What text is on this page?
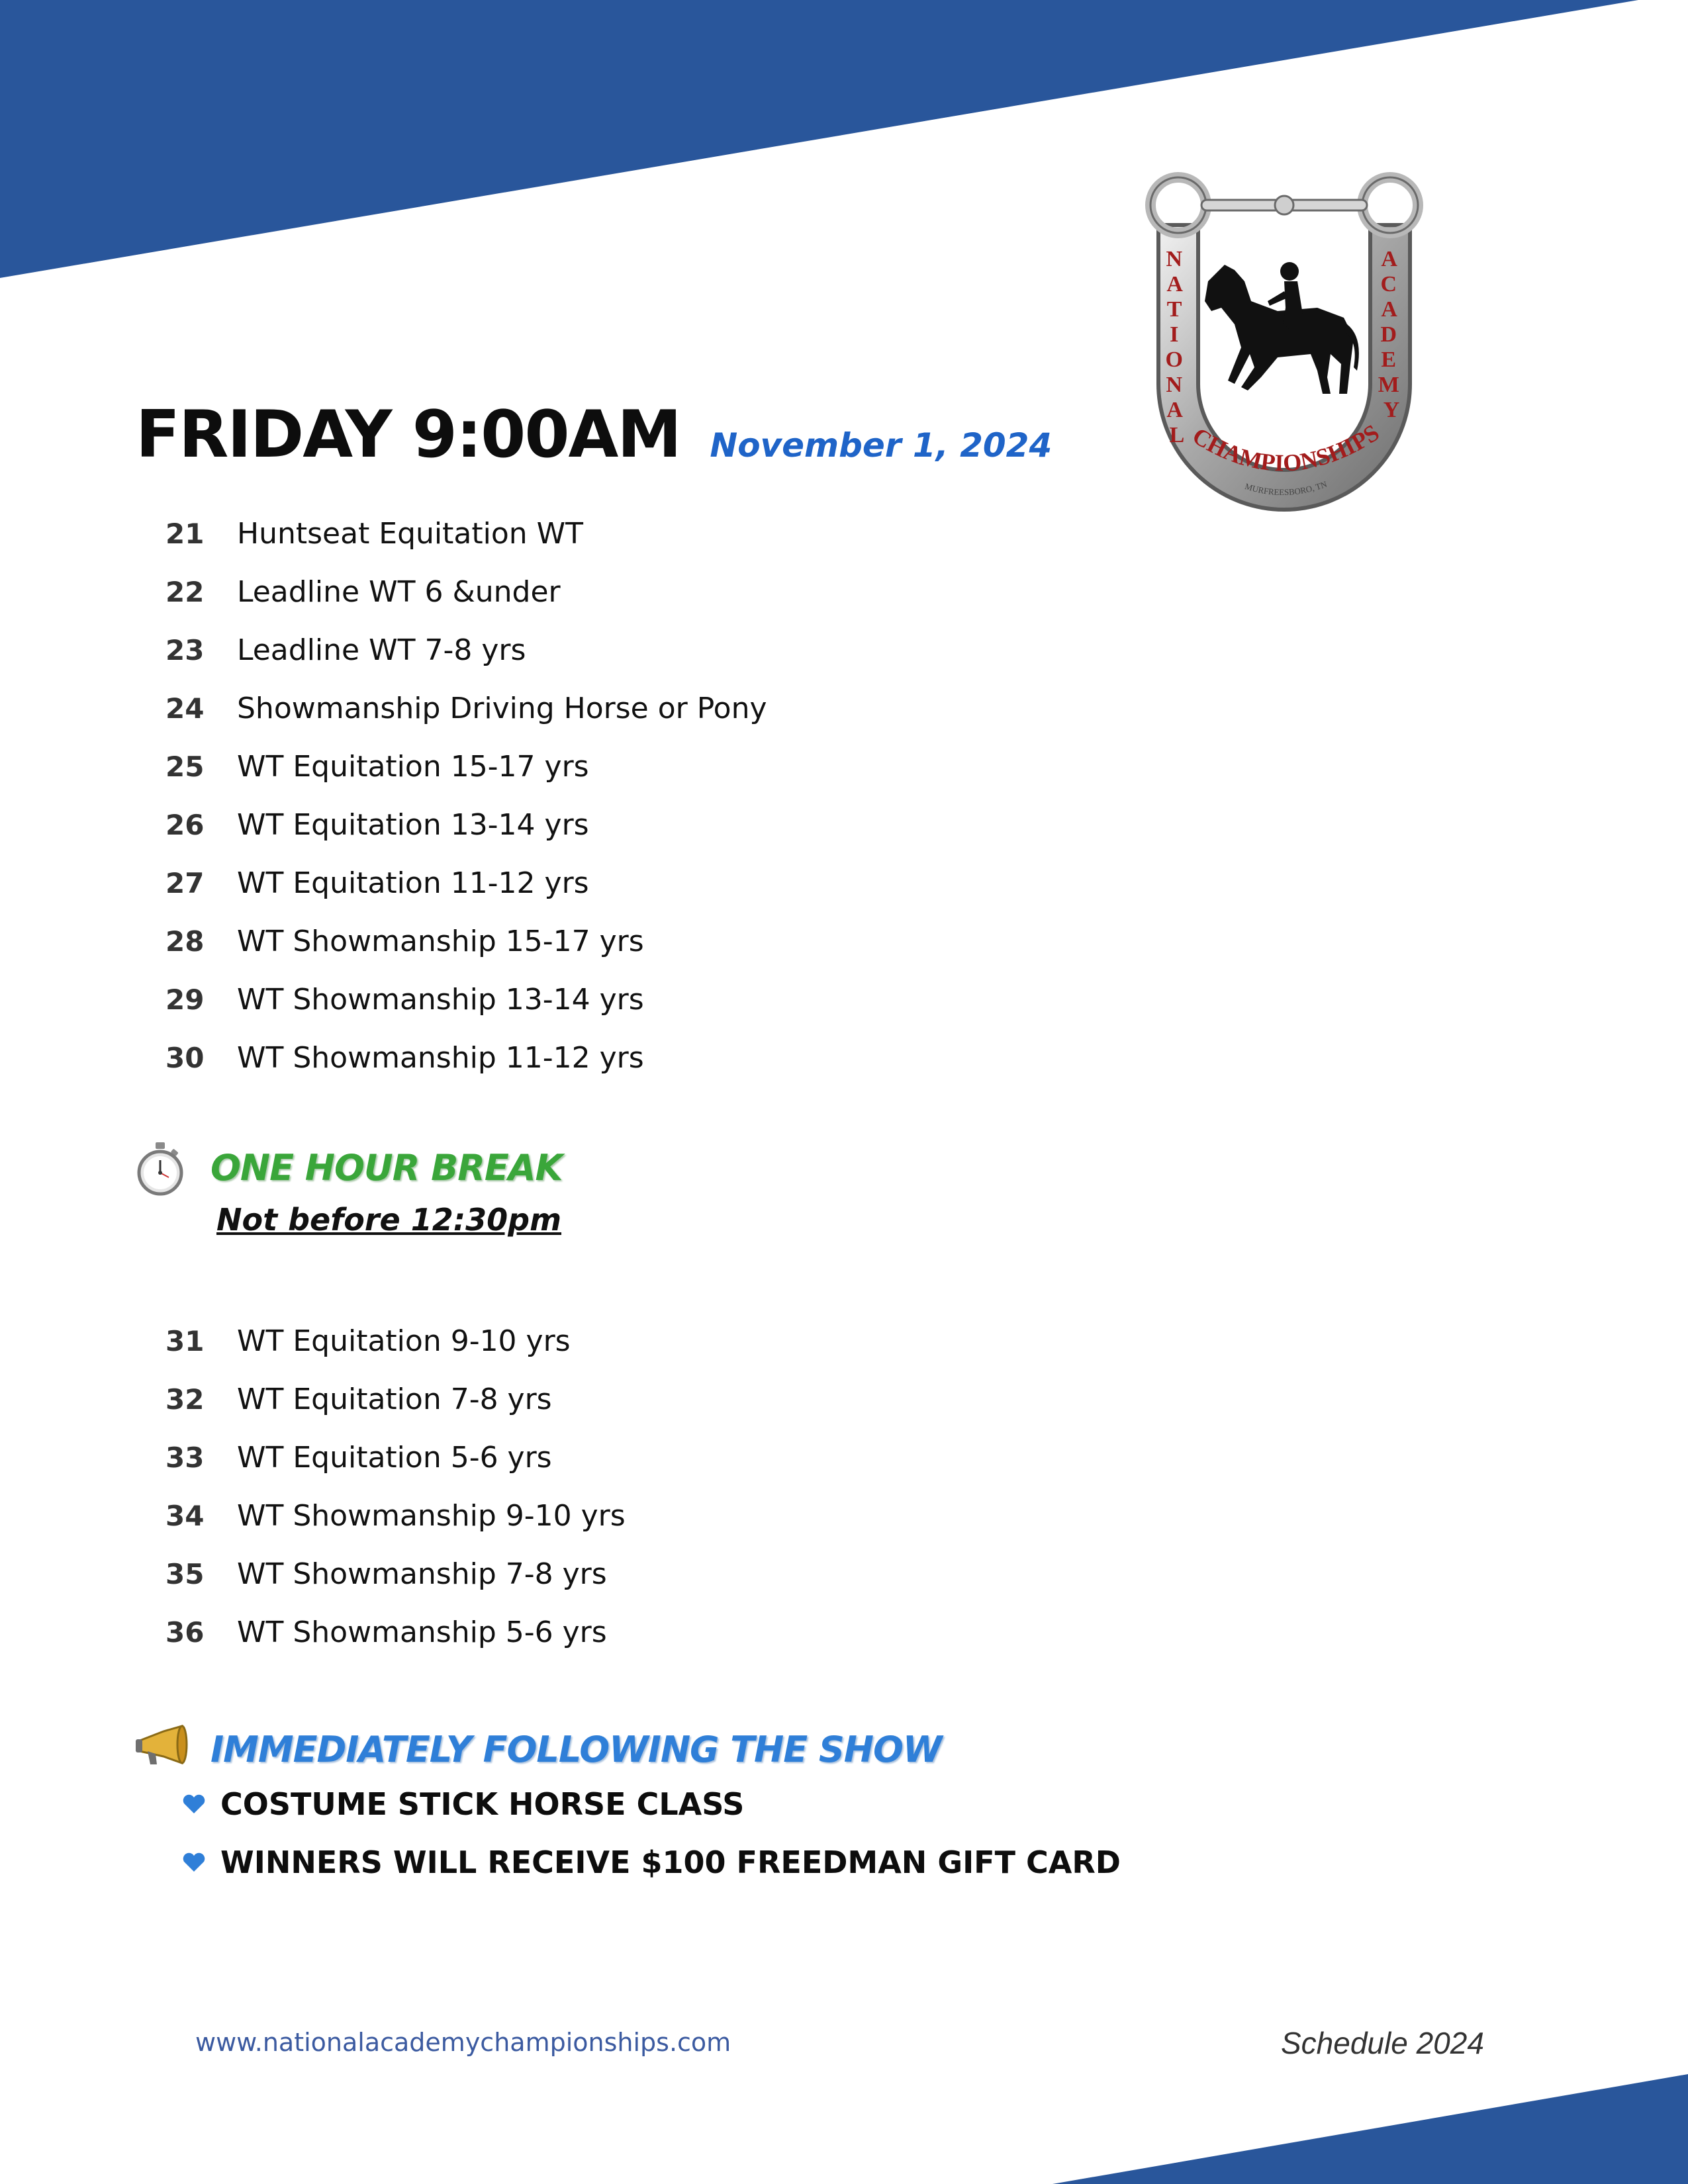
N A T I O N A L
A C A D E M Y
CHAMPIONSHIPS
MURFREESBORO, TN
FRIDAY 9:00AM November 1, 2024
21	Huntseat Equitation WT
22	Leadline WT 6 &under
23	Leadline WT 7-8 yrs
24	Showmanship Driving Horse or Pony
25	WT Equitation 15-17 yrs
26	WT Equitation 13-14 yrs
27	WT Equitation 11-12 yrs
28	WT Showmanship 15-17 yrs
29	WT Showmanship 13-14 yrs
30	WT Showmanship 11-12 yrs
ONE HOUR BREAK
Not before 12:30pm
31	WT Equitation 9-10 yrs
32	WT Equitation 7-8 yrs
33	WT Equitation 5-6 yrs
34	WT Showmanship 9-10 yrs
35	WT Showmanship 7-8 yrs
36	WT Showmanship 5-6 yrs
IMMEDIATELY FOLLOWING THE SHOW
COSTUME STICK HORSE CLASS
WINNERS WILL RECEIVE $100 FREEDMAN GIFT CARD
www.nationalacademychampionships.com	Schedule 2024
